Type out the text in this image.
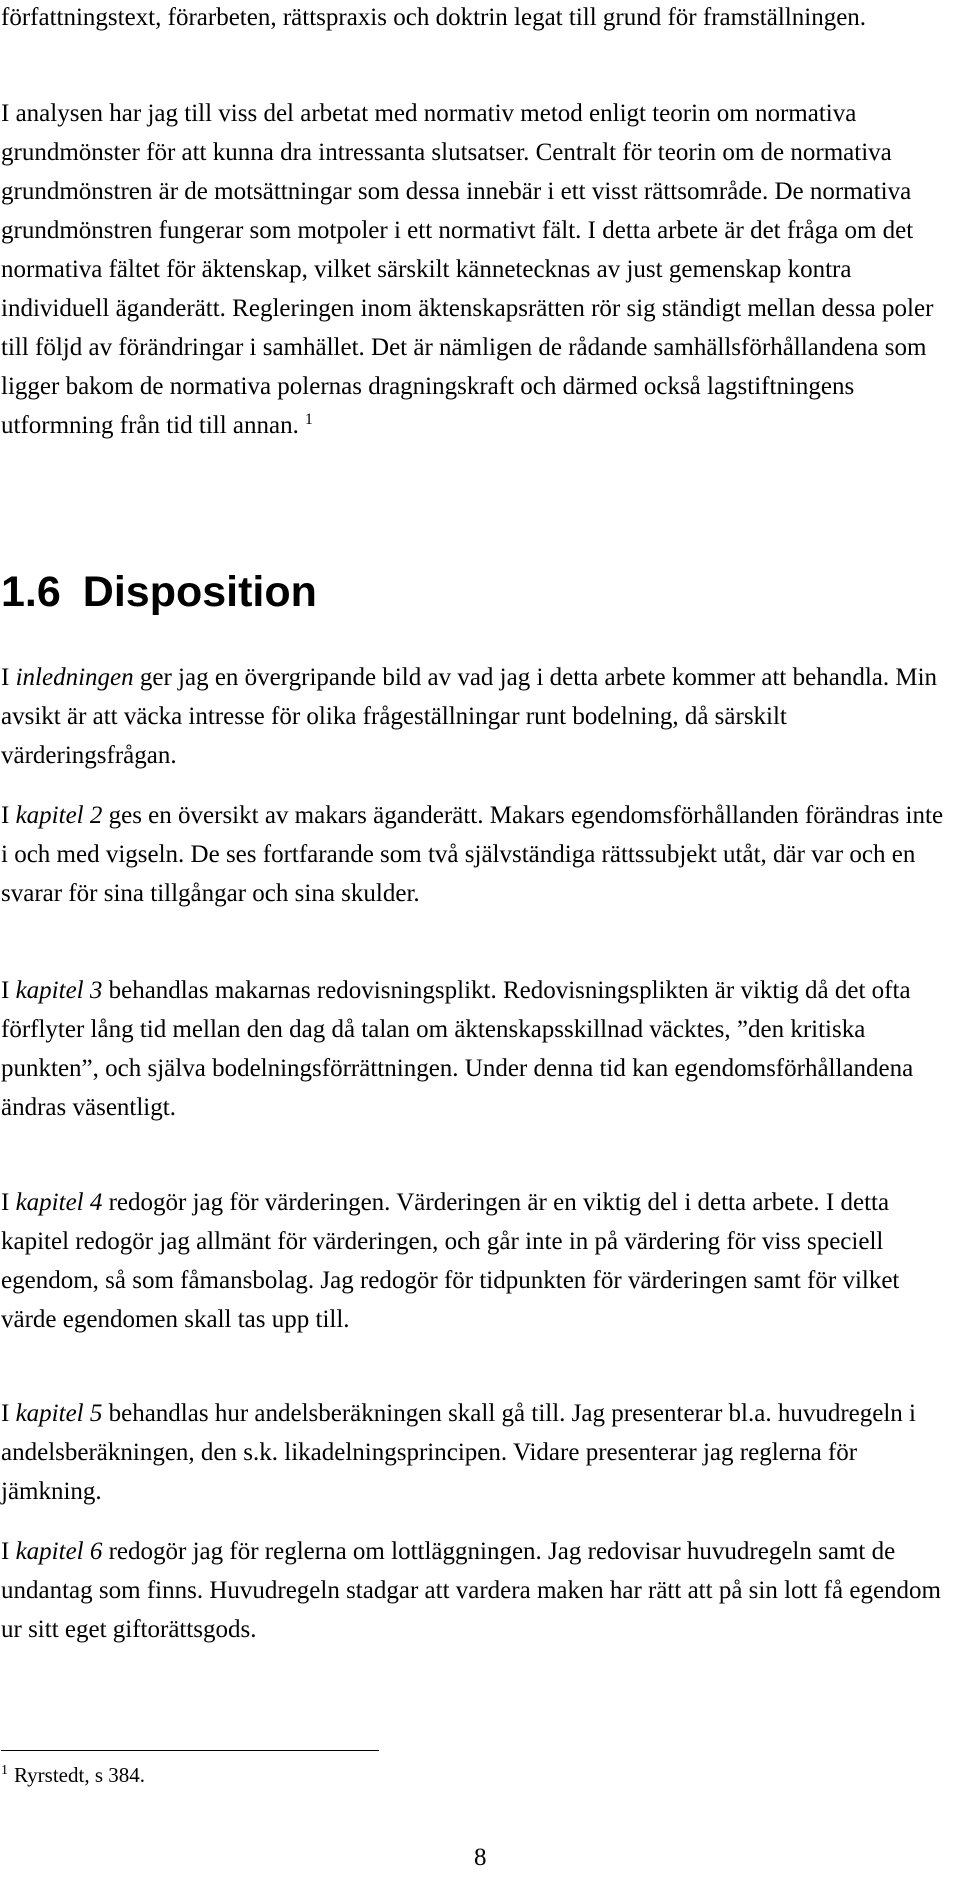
författningstext, förarbeten, rättspraxis och doktrin legat till grund för framställningen.

I analysen har jag till viss del arbetat med normativ metod enligt teorin om normativa grundmönster för att kunna dra intressanta slutsatser. Centralt för teorin om de normativa grundmönstren är de motsättningar som dessa innebär i ett visst rättsområde. De normativa grundmönstren fungerar som motpoler i ett normativt fält. I detta arbete är det fråga om det normativa fältet för äktenskap, vilket särskilt kännetecknas av just gemenskap kontra individuell äganderätt. Regleringen inom äktenskapsrätten rör sig ständigt mellan dessa poler till följd av förändringar i samhället. Det är nämligen de rådande samhällsförhållandena som ligger bakom de normativa polernas dragningskraft och därmed också lagstiftningens utformning från tid till annan. $^1$

1.6 Disposition

I inledningen ger jag en övergripande bild av vad jag i detta arbete kommer att behandla. Min avsikt är att väcka intresse för olika frågeställningar runt bodelning, då särskilt värderingsfrågan.

I kapitel 2 ges en översikt av makars äganderätt. Makars egendomsförhållanden förändras inte i och med vigseln. De ses fortfarande som två självständiga rättssubjekt utåt, där var och en svarar för sina tillgångar och sina skulder.

I kapitel 3 behandlas makarnas redovisningsplikt. Redovisningsplikten är viktig då det ofta förflyter lång tid mellan den dag då talan om äktenskapsskillnad väcktes, ”den kritiska punkten”, och själva bodelningsförrättningen. Under denna tid kan egendomsförhållandena ändras väsentligt.

I kapitel 4 redogör jag för värderingen. Värderingen är en viktig del i detta arbete. I detta kapitel redogör jag allmänt för värderingen, och går inte in på värdering för viss speciell egendom, så som fåmansbolag. Jag redogör för tidpunkten för värderingen samt för vilket värde egendomen skall tas upp till.

I kapitel 5 behandlas hur andelsberäkningen skall gå till. Jag presenterar bl.a. huvudregeln i andelsberäkningen, den s.k. likadelningsprincipen. Vidare presenterar jag reglerna för jämkning.

I kapitel 6 redogör jag för reglerna om lottläggningen. Jag redovisar huvudregeln samt de undantag som finns. Huvudregeln stadgar att vardera maken har rätt att på sin lott få egendom ur sitt eget giftorättsgods.

$^1$ Ryrstedt, s 384.

8
